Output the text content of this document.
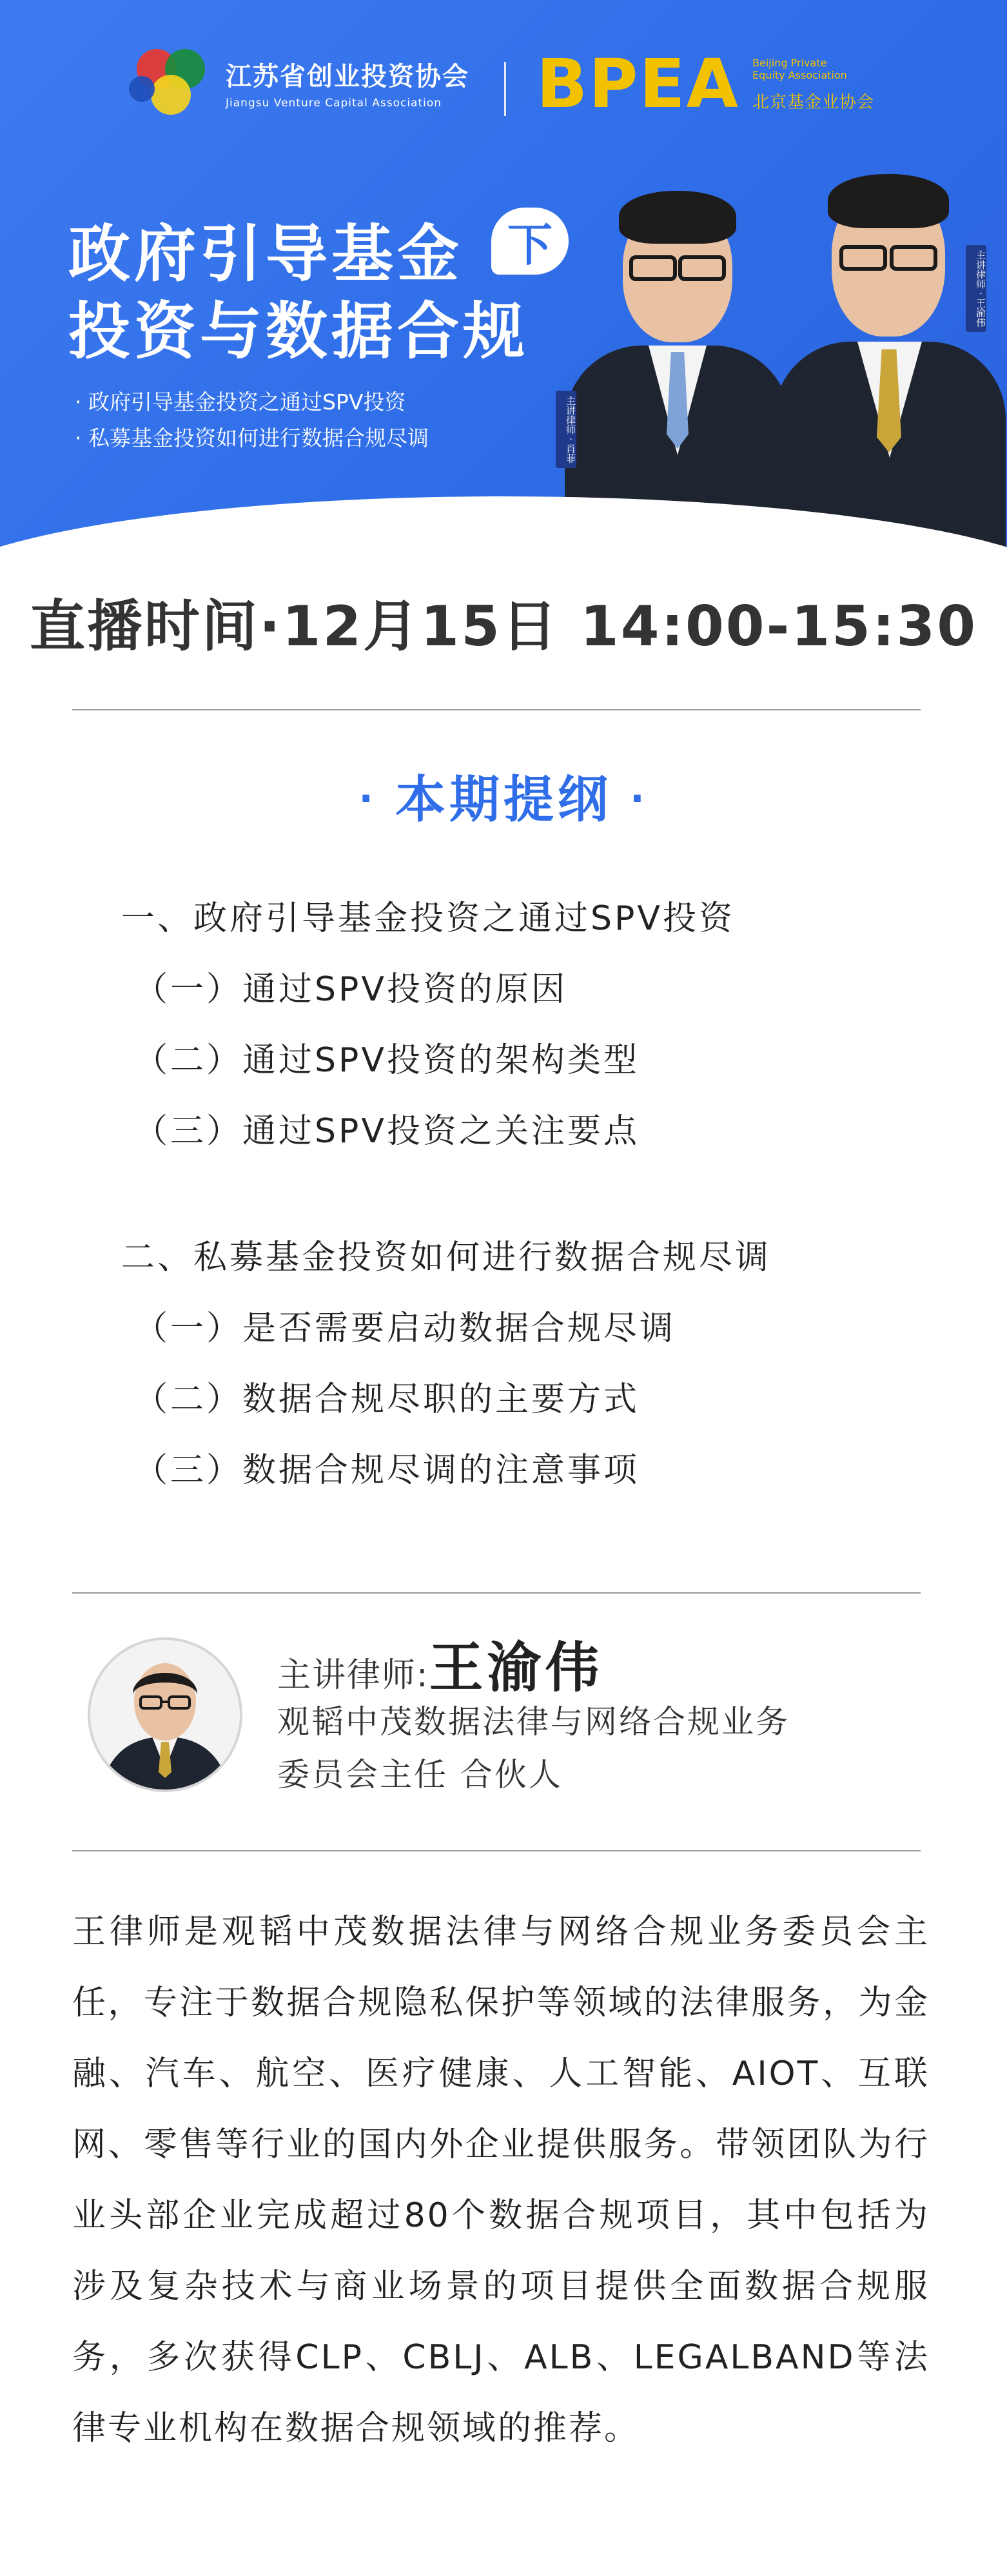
江苏省创业投资协会
Jiangsu Venture Capital Association	BPEA Beijing Private
Equity Association
北京基金业协会
政府引导基金 下
投资与数据合规
· 政府引导基金投资之通过SPV投资
· 私募基金投资如何进行数据合规尽调	主讲律师 · 肖菲
主讲律师 · 王渝伟
直播时间·12月15日 14:00-15:30
· 本期提纲 ·
一、政府引导基金投资之通过SPV投资
（一）通过SPV投资的原因
（二）通过SPV投资的架构类型
（三）通过SPV投资之关注要点
二、私募基金投资如何进行数据合规尽调
（一）是否需要启动数据合规尽调
（二）数据合规尽职的主要方式
（三）数据合规尽调的注意事项
主讲律师:王渝伟
观韬中茂数据法律与网络合规业务
委员会主任 合伙人
王律师是观韬中茂数据法律与网络合规业务委员会主任，专注于数据合规隐私保护等领域的法律服务，为金融、汽车、航空、医疗健康、人工智能、AIOT、互联网、零售等行业的国内外企业提供服务。带领团队为行业头部企业完成超过80个数据合规项目，其中包括为涉及复杂技术与商业场景的项目提供全面数据合规服务，多次获得CLP、CBLJ、ALB、LEGALBAND等法律专业机构在数据合规领域的推荐。
